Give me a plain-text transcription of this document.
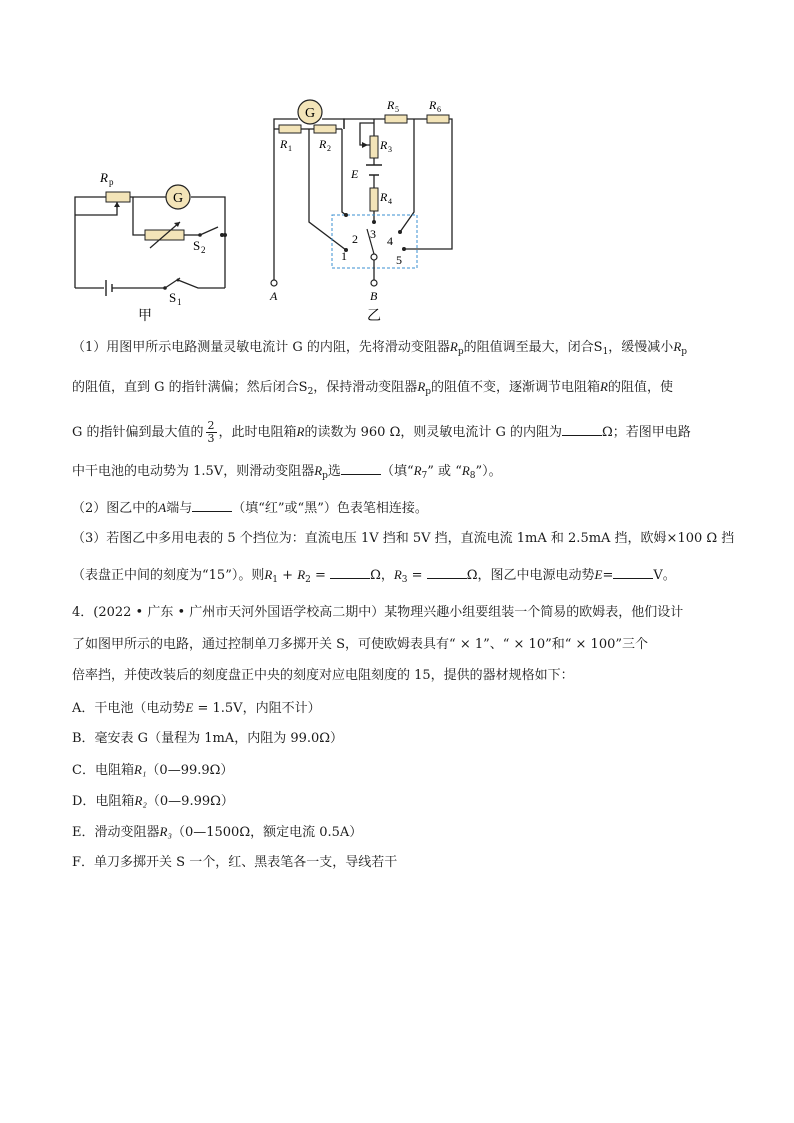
G
R p
S 2
S 1
甲
G
R 1 R 2
R 5	R 6
R 3
R 4
E
1
2 3 4
5
A	B
乙
（1）用图甲所示电路测量灵敏电流计 G 的内阻，先将滑动变阻器$R_p$的阻值调至最大，闭合$S_1$，缓慢减小$R_p$
的阻值，直到 G 的指针满偏；然后闭合$S_2$，保持滑动变阻器$R_p$的阻值不变，逐渐调节电阻箱R的阻值，使
G 的指针偏到最大值的 $\frac{2}{3}$ ，此时电阻箱R的读数为 960 Ω，则灵敏电流计 G 的内阻为	Ω；若图甲电路
中干电池的电动势为 1.5V，则滑动变阻器$R_p$选	（填“$R_7$” 或 “$R_8$”）。
（2）图乙中的A端与	（填“红”或“黑”）色表笔相连接。
（3）若图乙中多用电表的 5 个挡位为：直流电压 1V 挡和 5V 挡，直流电流 1mA 和 2.5mA 挡，欧姆×100 Ω 挡
（表盘正中间的刻度为“15”）。则$R_1 + R_2$ =	Ω，$R_3$ =	Ω，图乙中电源电动势E=	V。
4．(2022 • 广东 • 广州市天河外国语学校高二期中）某物理兴趣小组要组装一个简易的欧姆表，他们设计
了如图甲所示的电路，通过控制单刀多掷开关 S，可使欧姆表具有“ × 1”、“ × 10”和“ × 100”三个
倍率挡，并使改装后的刻度盘正中央的刻度对应电阻刻度的 15，提供的器材规格如下：
A．干电池（电动势E = 1.5V，内阻不计）
B．毫安表 G（量程为 1mA，内阻为 99.0Ω）
C．电阻箱R₁（0—99.9Ω）
D．电阻箱R₂（0—9.99Ω）
E．滑动变阻器R₃（0—1500Ω，额定电流 0.5A）
F．单刀多掷开关 S 一个，红、黑表笔各一支，导线若干
